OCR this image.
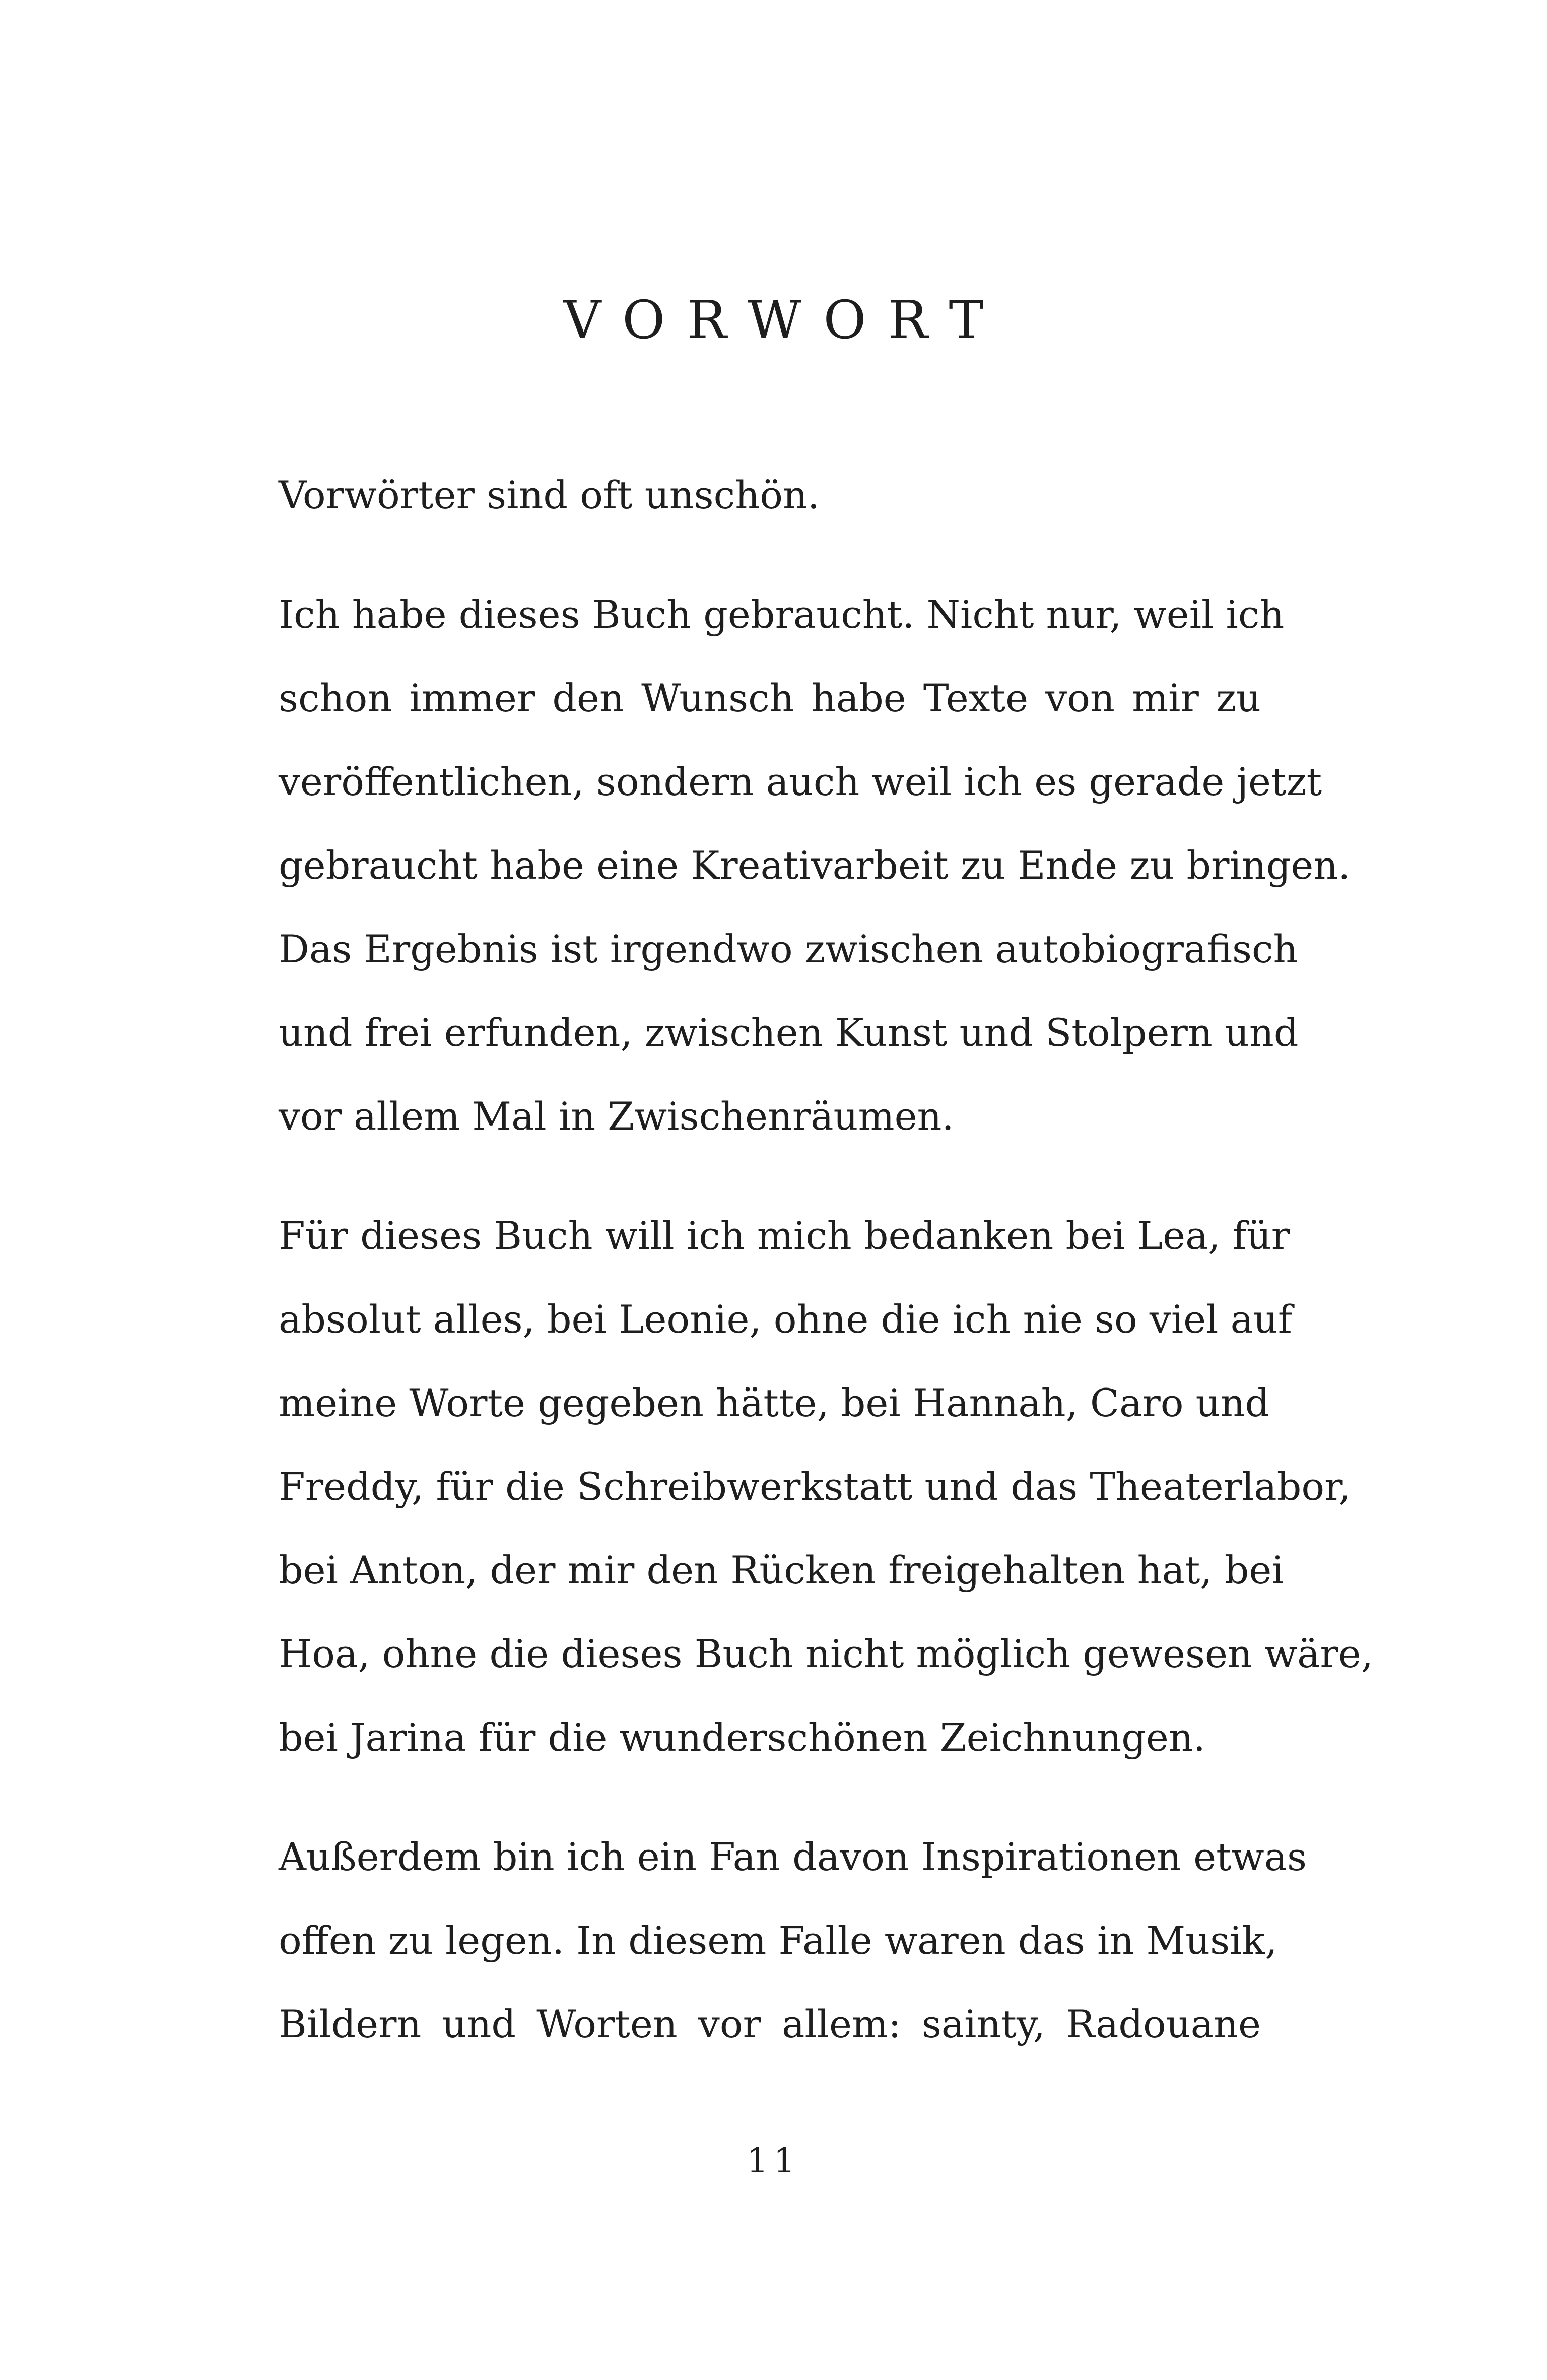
VORWORT

Vorwörter sind oft unschön.

Ich habe dieses Buch gebraucht. Nicht nur, weil ich
schon immer den Wunsch habe Texte von mir zu
veröffentlichen, sondern auch weil ich es gerade jetzt
gebraucht habe eine Kreativarbeit zu Ende zu bringen.
Das Ergebnis ist irgendwo zwischen autobiografisch
und frei erfunden, zwischen Kunst und Stolpern und
vor allem Mal in Zwischenräumen.

Für dieses Buch will ich mich bedanken bei Lea, für
absolut alles, bei Leonie, ohne die ich nie so viel auf
meine Worte gegeben hätte, bei Hannah, Caro und
Freddy, für die Schreibwerkstatt und das Theaterlabor,
bei Anton, der mir den Rücken freigehalten hat, bei
Hoa, ohne die dieses Buch nicht möglich gewesen wäre,
bei Jarina für die wunderschönen Zeichnungen.

Außerdem bin ich ein Fan davon Inspirationen etwas
offen zu legen. In diesem Falle waren das in Musik,
Bildern und Worten vor allem: sainty, Radouane

11
